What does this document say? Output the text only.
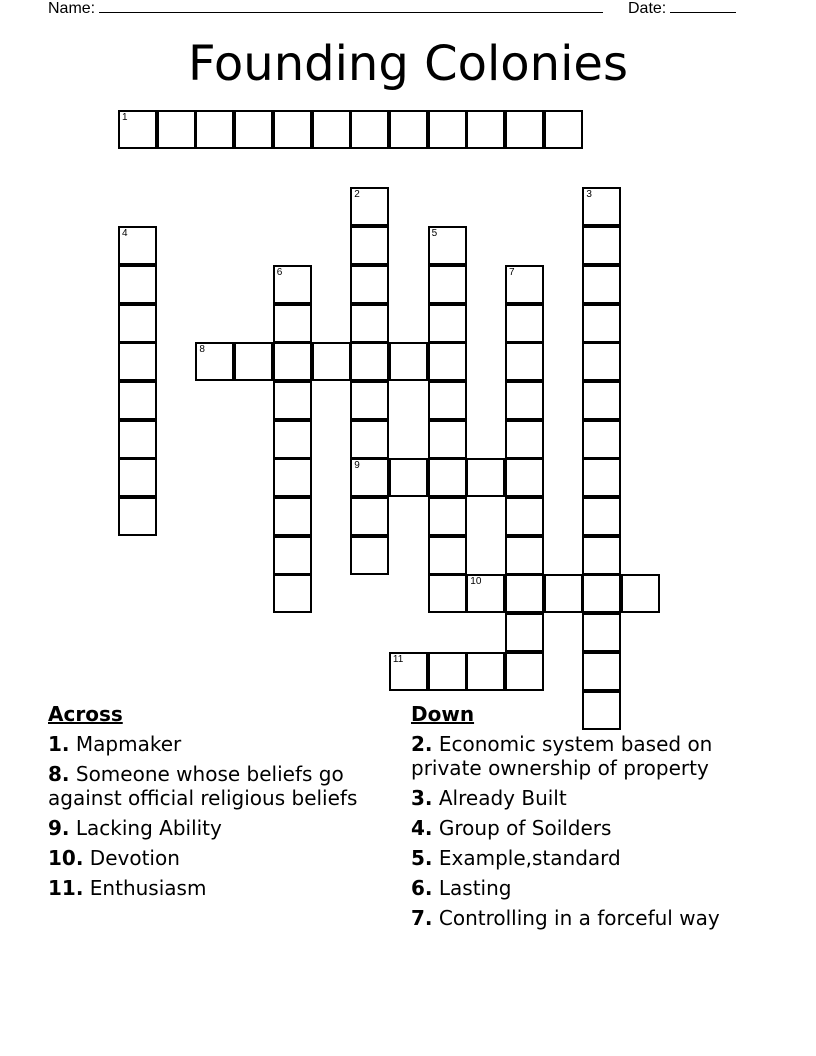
Name:	Date:
Founding Colonies
1
2
9
3
4	5
6	7
8
10
11
Across
1. Mapmaker
8. Someone whose beliefs go against official religious beliefs
9. Lacking Ability
10. Devotion
11. Enthusiasm
Down
2. Economic system based on private ownership of property
3. Already Built
4. Group of Soilders
5. Example,standard
6. Lasting
7. Controlling in a forceful way
